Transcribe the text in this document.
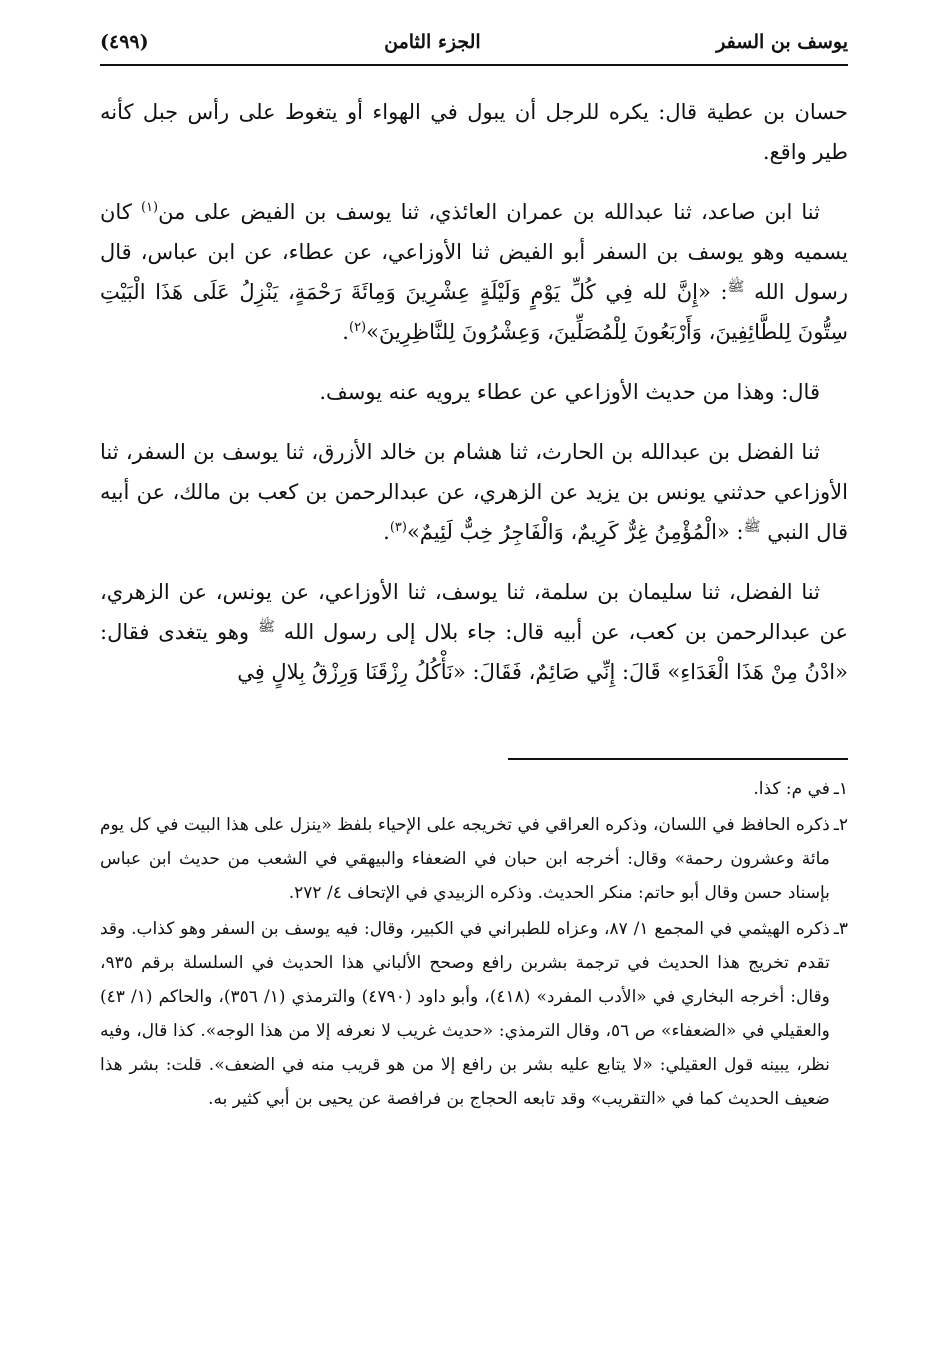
يوسف بن السفر
الجزء الثامن
(٤٩٩)

حسان بن عطية قال: يكره للرجل أن يبول في الهواء أو يتغوط على رأس جبل كأنه طير واقع.

ثنا ابن صاعد، ثنا عبدالله بن عمران العائذي، ثنا يوسف بن الفيض على من$^{(١)}$ كان يسميه وهو يوسف بن السفر أبو الفيض ثنا الأوزاعي، عن عطاء، عن ابن عباس، قال رسول الله $^ﷺ$: «إِنَّ لله فِي كُلِّ يَوْمٍ وَلَيْلَةٍ عِشْرِينَ وَمِائَةَ رَحْمَةٍ، يَنْزِلُ عَلَى هَذَا الْبَيْتِ سِتُّونَ لِلطَّائِفِينَ، وَأَرْبَعُونَ لِلْمُصَلِّينَ، وَعِشْرُونَ لِلنَّاظِرِينَ»$^{(٢)}$.

قال: وهذا من حديث الأوزاعي عن عطاء يرويه عنه يوسف.

ثنا الفضل بن عبدالله بن الحارث، ثنا هشام بن خالد الأزرق، ثنا يوسف بن السفر، ثنا الأوزاعي حدثني يونس بن يزيد عن الزهري، عن عبدالرحمن بن كعب بن مالك، عن أبيه قال النبي $^ﷺ$: «الْمُؤْمِنُ غِرٌّ كَرِيمٌ، وَالْفَاجِرُ خِبٌّ لَئِيمٌ»$^{(٣)}$.

ثنا الفضل، ثنا سليمان بن سلمة، ثنا يوسف، ثنا الأوزاعي، عن يونس، عن الزهري، عن عبدالرحمن بن كعب، عن أبيه قال: جاء بلال إلى رسول الله $^ﷺ$ وهو يتغدى فقال: «ادْنُ مِنْ هَذَا الْغَدَاءِ» قَالَ: إِنِّي صَائِمٌ، فَقَالَ: «نَأْكُلُ رِزْقَنَا وَرِزْقُ بِلالٍ فِي

١ـ
في م: كذا.
٢ـ
ذكره الحافظ في اللسان، وذكره العراقي في تخريجه على الإحياء بلفظ «ينزل على هذا البيت في كل يوم مائة وعشرون رحمة» وقال: أخرجه ابن حبان في الضعفاء والبيهقي في الشعب من حديث ابن عباس بإسناد حسن وقال أبو حاتم: منكر الحديث. وذكره الزبيدي في الإتحاف ٤/ ٢٧٢.
٣ـ
ذكره الهيثمي في المجمع ١/ ٨٧، وعزاه للطبراني في الكبير، وقال: فيه يوسف بن السفر وهو كذاب. وقد تقدم تخريج هذا الحديث في ترجمة بشربن رافع وصحح الألباني هذا الحديث في السلسلة برقم ٩٣٥، وقال: أخرجه البخاري في «الأدب المفرد» (٤١٨)، وأبو داود (٤٧٩٠) والترمذي (١/ ٣٥٦)، والحاكم (١/ ٤٣) والعقيلي في «الضعفاء» ص ٥٦، وقال الترمذي: «حديث غريب لا نعرفه إلا من هذا الوجه». كذا قال، وفيه نظر، يبينه قول العقيلي: «لا يتابع عليه بشر بن رافع إلا من هو قريب منه في الضعف». قلت: بشر هذا ضعيف الحديث كما في «التقريب» وقد تابعه الحجاج بن فرافصة عن يحيى بن أبي كثير به.
